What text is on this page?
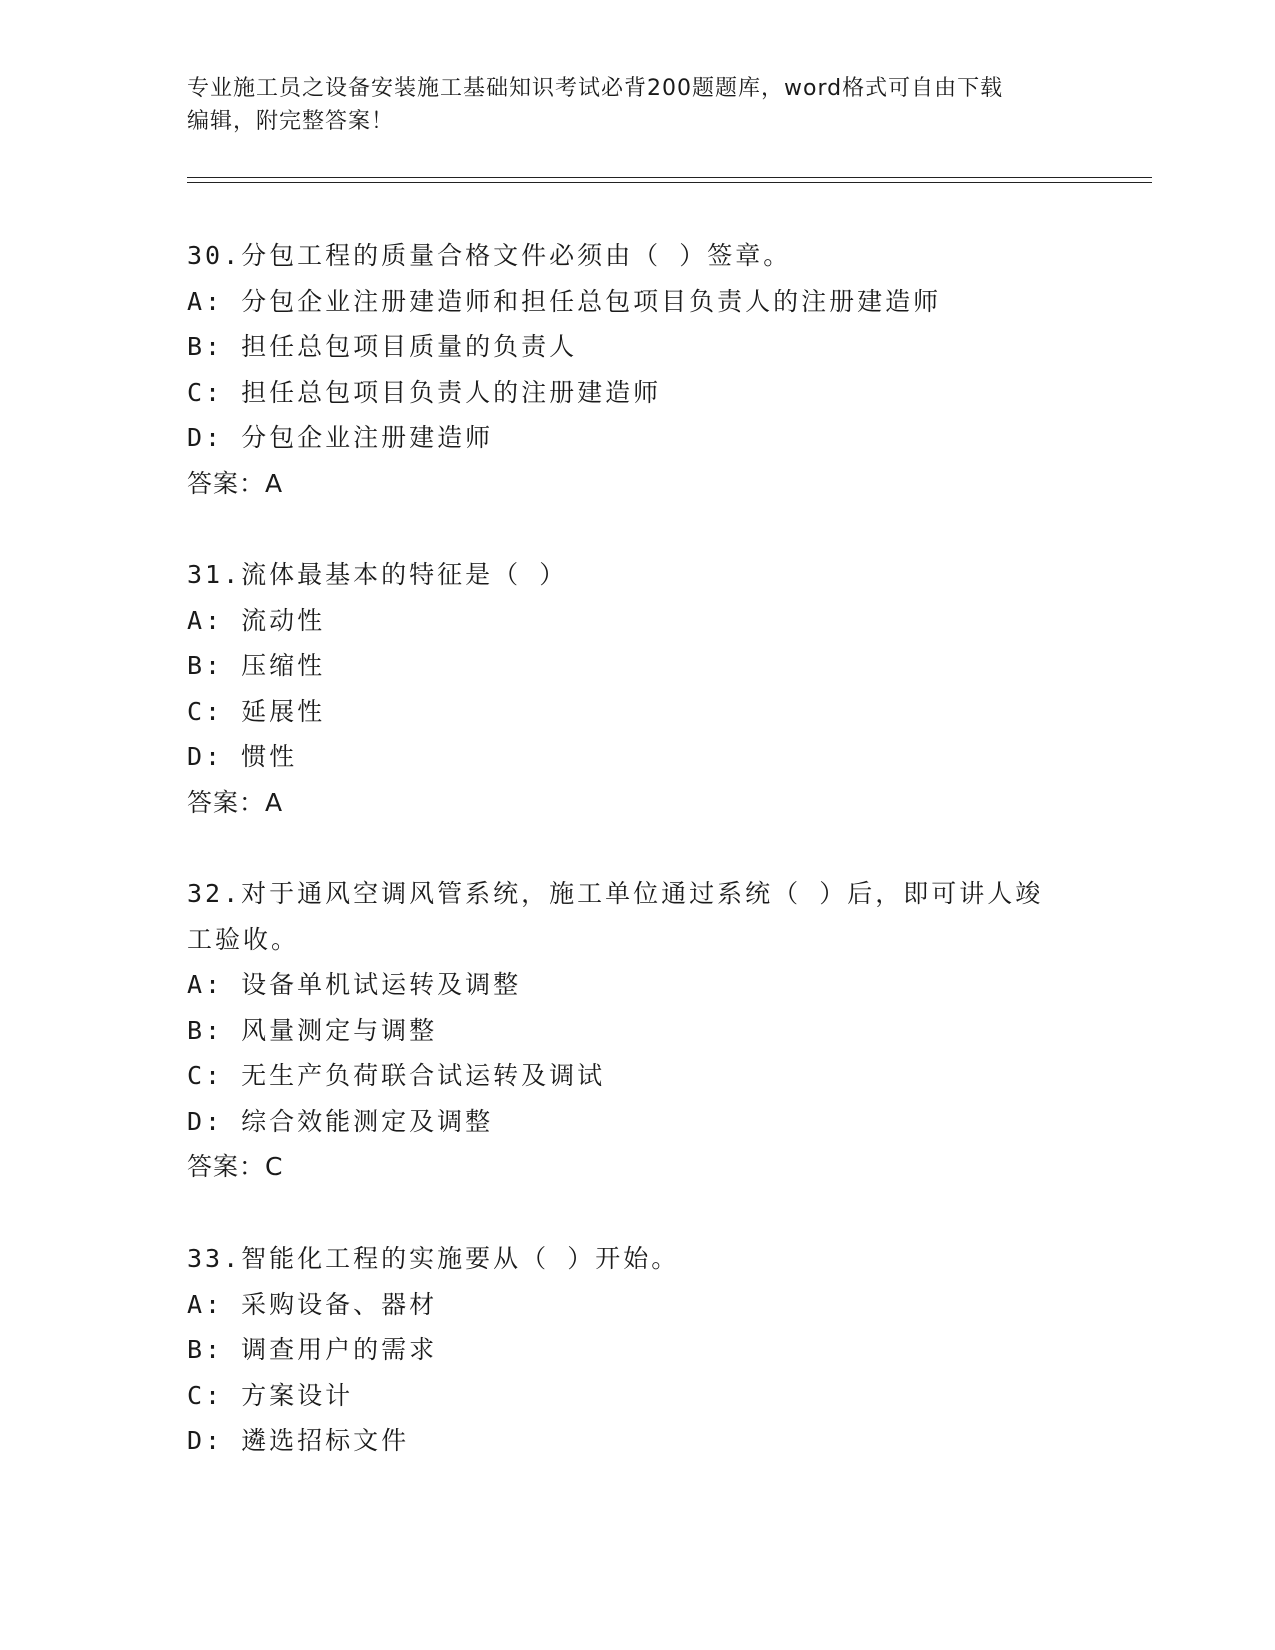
专业施工员之设备安装施工基础知识考试必背200题题库，word格式可自由下载
编辑，附完整答案！
30.分包工程的质量合格文件必须由（ ）签章。
A: 分包企业注册建造师和担任总包项目负责人的注册建造师
B: 担任总包项目质量的负责人
C: 担任总包项目负责人的注册建造师
D: 分包企业注册建造师
答案：A
31.流体最基本的特征是（ ）
A: 流动性
B: 压缩性
C: 延展性
D: 惯性
答案：A
32.对于通风空调风管系统，施工单位通过系统（ ）后，即可讲人竣
工验收。
A: 设备单机试运转及调整
B: 风量测定与调整
C: 无生产负荷联合试运转及调试
D: 综合效能测定及调整
答案：C
33.智能化工程的实施要从（ ）开始。
A: 采购设备、器材
B: 调查用户的需求
C: 方案设计
D: 遴选招标文件
